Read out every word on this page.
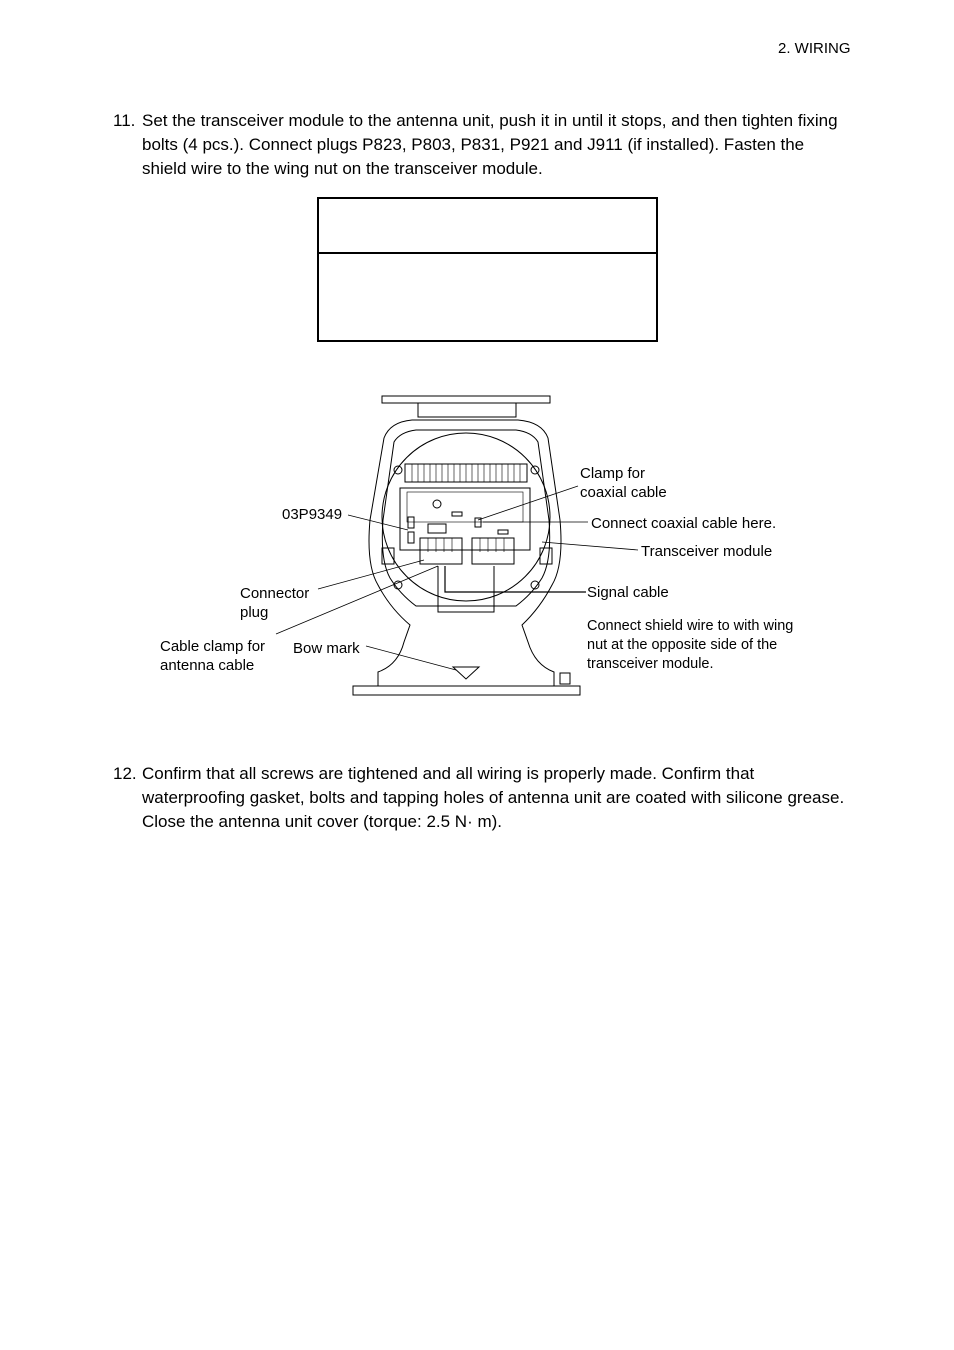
2. WIRING
11. Set the transceiver module to the antenna unit, push it in until it stops, and then tighten fixing bolts (4 pcs.). Connect plugs P823, P803, P831, P921 and J911 (if installed). Fasten the shield wire to the wing nut on the transceiver module.
03P9349
Clamp for
coaxial cable
Connect coaxial cable here.
Transceiver module
Connector
plug
Signal cable
Cable clamp for
antenna cable
Bow mark
Connect shield wire to with wing
nut at the opposite side of the
transceiver module.
12. Confirm that all screws are tightened and all wiring is properly made. Confirm that waterproofing gasket, bolts and tapping holes of antenna unit are coated with silicone grease. Close the antenna unit cover (torque: 2.5 N· m).
